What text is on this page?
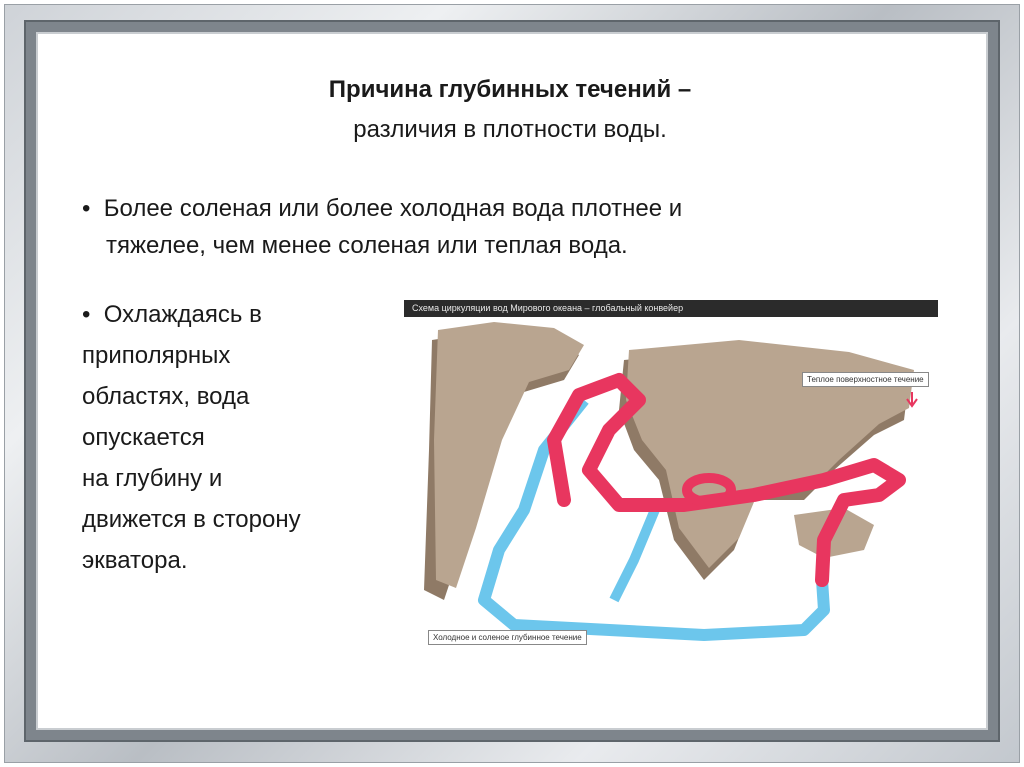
Причина глубинных течений –
различия в плотности воды.
• Более соленая или более холодная вода плотнее и
тяжелее, чем менее соленая или теплая вода.
• Охлаждаясь в
приполярных
областях, вода
опускается
на глубину и
движется в сторону
экватора.
Схема циркуляции вод Мирового океана – глобальный конвейер
Теплое поверхностное течение
Холодное и соленое глубинное течение
